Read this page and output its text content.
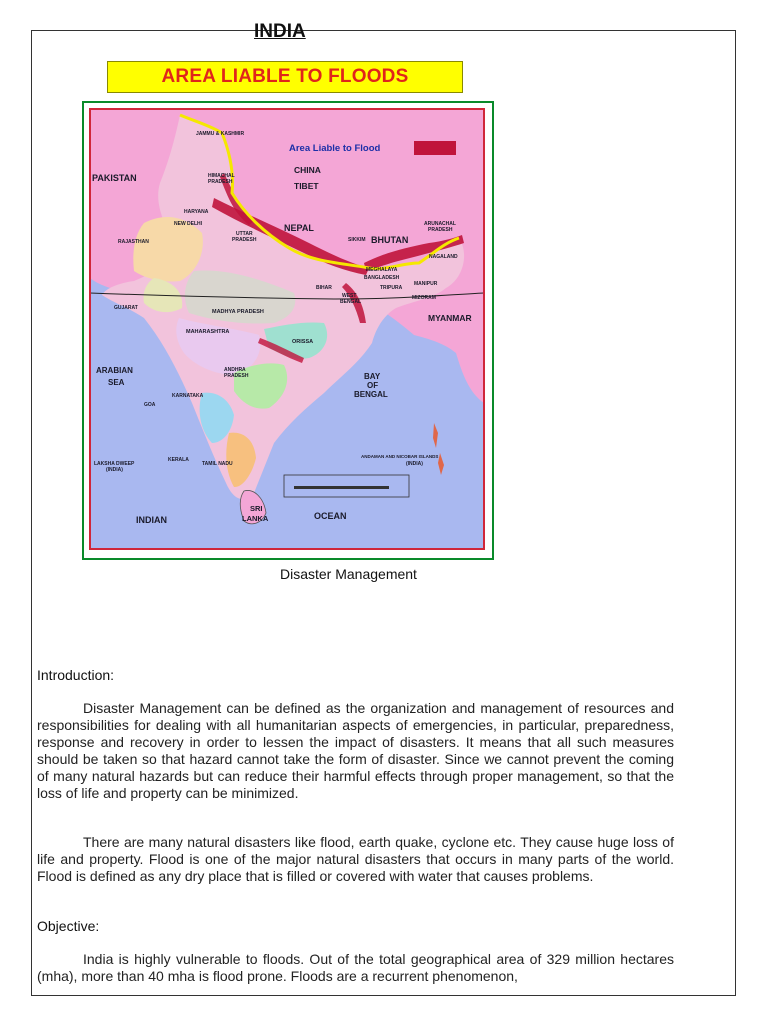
INDIA
Area Liable to Flood
PAKISTAN
CHINA
TIBET
NEPAL
BHUTAN
MYANMAR
ARABIAN
SEA
BAY
OF
BENGAL
INDIAN	OCEAN
SRI
LANKA
JAMMU & KASHMIR
HIMACHAL
PRADESH
HARYANA
NEW DELHI
RAJASTHAN
UTTAR
PRADESH
GUJARAT
MADHYA PRADESH
MAHARASHTRA
ORISSA
ANDHRA
PRADESH
KARNATAKA
KERALA
TAMIL NADU
LAKSHA DWEEP
(INDIA)
ANDAMAN AND NICOBAR ISLANDS
(INDIA)
SIKKIM
ARUNACHAL
PRADESH
NAGALAND
MEGHALAYA
BANGLADESH
MANIPUR
TRIPURA
MIZORAM
BIHAR
WEST
BENGAL
GOA
AREA LIABLE TO FLOODS
Disaster Management
Introduction:

Disaster Management can be defined as the organization and management of resources and responsibilities for dealing with all humanitarian aspects of emergencies, in particular, preparedness, response and recovery in order to lessen the impact of disasters. It means that all such measures should be taken so that hazard cannot take the form of disaster. Since we cannot prevent the coming of many natural hazards but can reduce their harmful effects through proper management, so that the loss of life and property can be minimized.

There are many natural disasters like flood, earth quake, cyclone etc. They cause huge loss of life and property. Flood is one of the major natural disasters that occurs in many parts of the world. Flood is defined as any dry place that is filled or covered with water that causes problems.

Objective:

India is highly vulnerable to floods. Out of the total geographical area of 329 million hectares (mha), more than 40 mha is flood prone. Floods are a recurrent phenomenon,
